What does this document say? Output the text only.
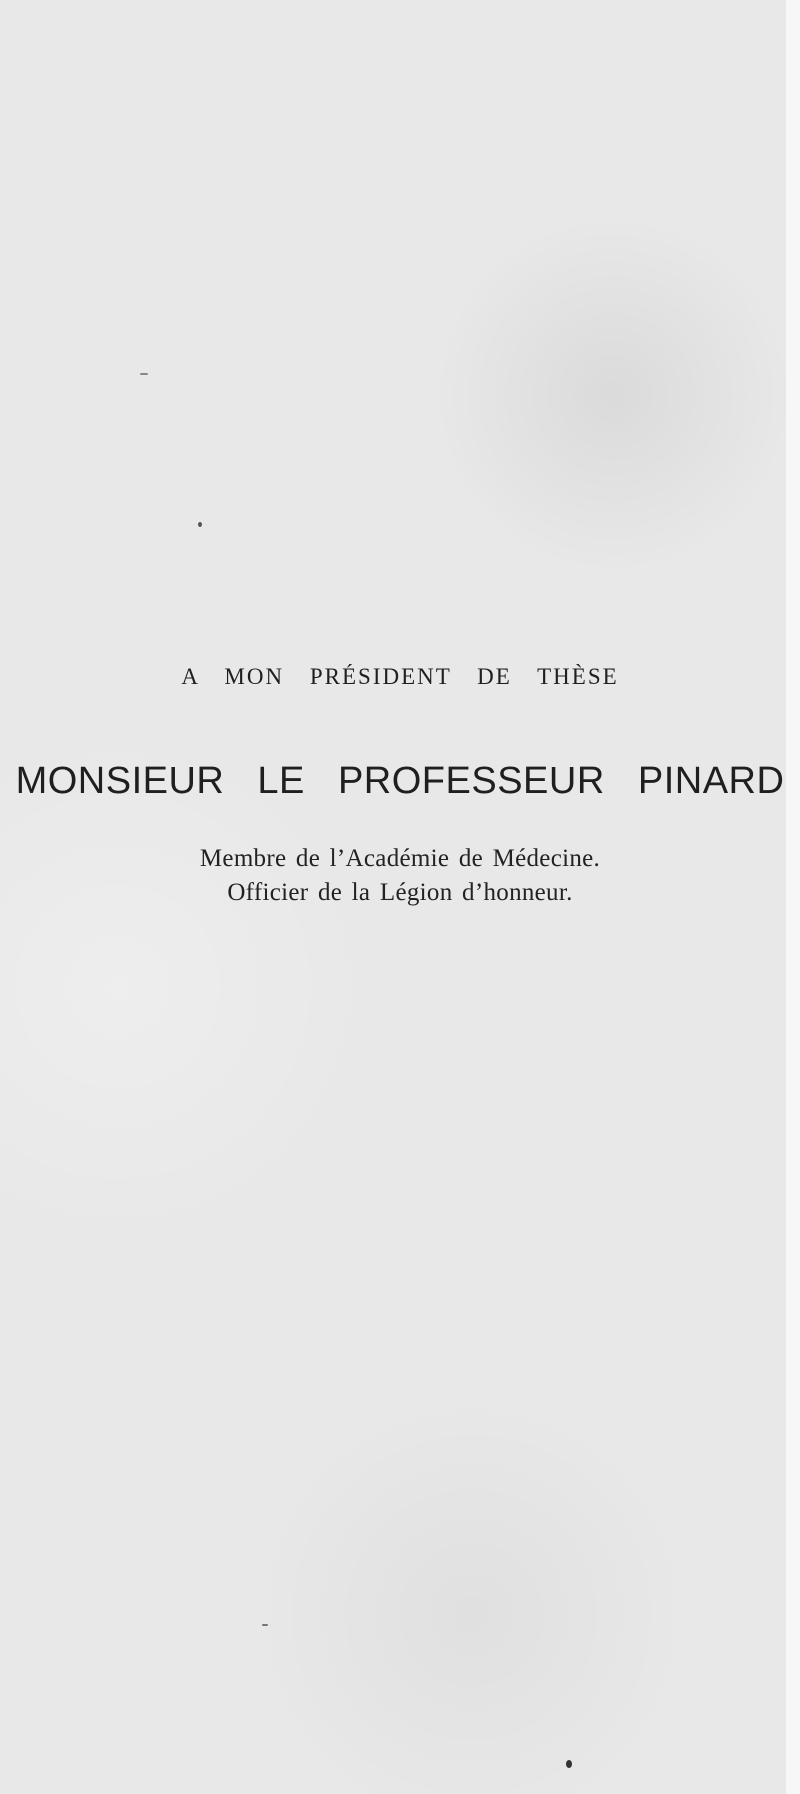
A MON PRÉSIDENT DE THÈSE
MONSIEUR LE PROFESSEUR PINARD
Membre de l’Académie de Médecine.
Officier de la Légion d’honneur.
